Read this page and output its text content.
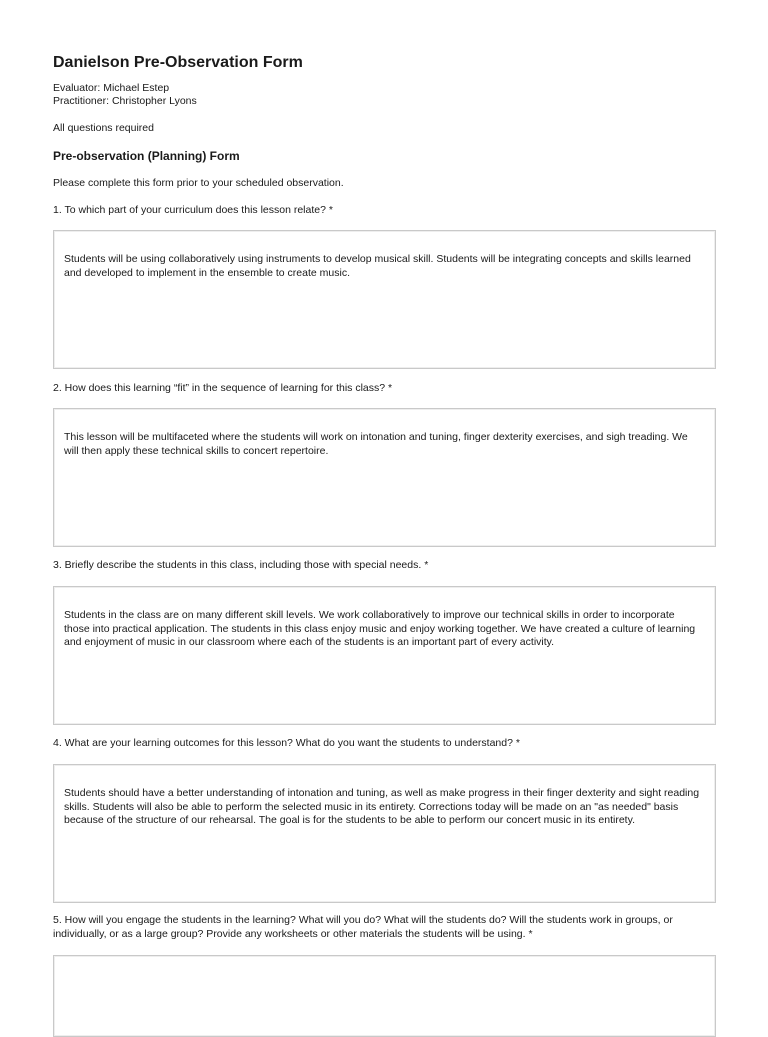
Danielson Pre-Observation Form
Evaluator: Michael Estep
Practitioner: Christopher Lyons
All questions required
Pre-observation (Planning) Form
Please complete this form prior to your scheduled observation.
1. To which part of your curriculum does this lesson relate? *
Students will be using collaboratively using instruments to develop musical skill. Students will be integrating concepts and skills learned and developed to implement in the ensemble to create music.
2. How does this learning “fit” in the sequence of learning for this class? *
This lesson will be multifaceted where the students will work on intonation and tuning, finger dexterity exercises, and sigh treading. We will then apply these technical skills to concert repertoire.
3. Briefly describe the students in this class, including those with special needs. *
Students in the class are on many different skill levels. We work collaboratively to improve our technical skills in order to incorporate those into practical application. The students in this class enjoy music and enjoy working together. We have created a culture of learning and enjoyment of music in our classroom where each of the students is an important part of every activity.
4. What are your learning outcomes for this lesson? What do you want the students to understand? *
Students should have a better understanding of intonation and tuning, as well as make progress in their finger dexterity and sight reading skills. Students will also be able to perform the selected music in its entirety. Corrections today will be made on an "as needed" basis because of the structure of our rehearsal. The goal is for the students to be able to perform our concert music in its entirety.
5. How will you engage the students in the learning? What will you do? What will the students do? Will the students work in groups, or individually, or as a large group? Provide any worksheets or other materials the students will be using. *
